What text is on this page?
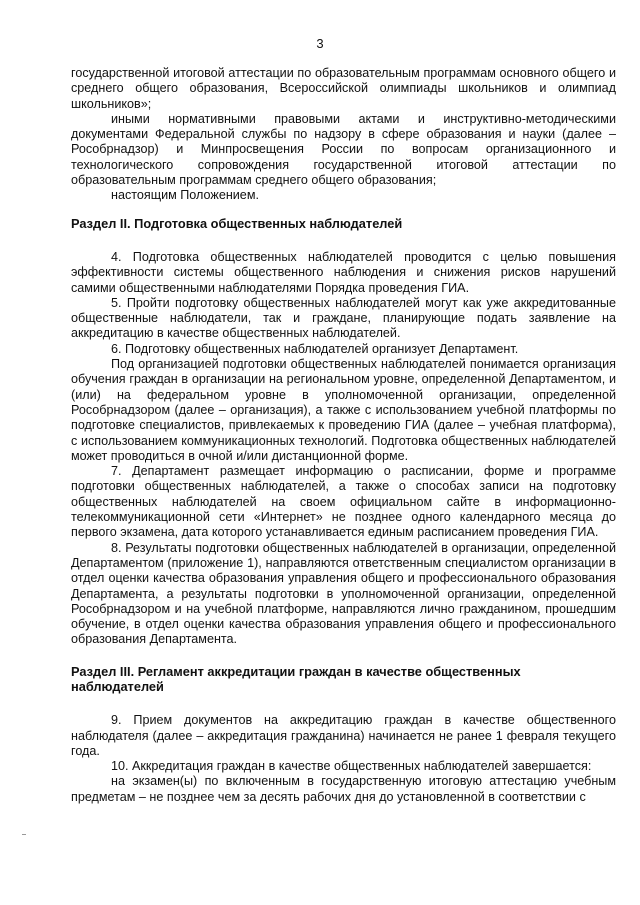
3

государственной итоговой аттестации по образовательным программам основного общего и среднего общего образования, Всероссийской олимпиады школьников и олимпиад школьников»;

иными нормативными правовыми актами и инструктивно-методическими документами Федеральной службы по надзору в сфере образования и науки (далее – Рособрнадзор) и Минпросвещения России по вопросам организационного и технологического сопровождения государственной итоговой аттестации по образовательным программам среднего общего образования;

настоящим Положением.

Раздел II. Подготовка общественных наблюдателей

4. Подготовка общественных наблюдателей проводится с целью повышения эффективности системы общественного наблюдения и снижения рисков нарушений самими общественными наблюдателями Порядка проведения ГИА.

5. Пройти подготовку общественных наблюдателей могут как уже аккредитованные общественные наблюдатели, так и граждане, планирующие подать заявление на аккредитацию в качестве общественных наблюдателей.

6. Подготовку общественных наблюдателей организует Департамент.

Под организацией подготовки общественных наблюдателей понимается организация обучения граждан в организации на региональном уровне, определенной Департаментом, и (или) на федеральном уровне в уполномоченной организации, определенной Рособрнадзором (далее – организация), а также с использованием учебной платформы по подготовке специалистов, привлекаемых к проведению ГИА (далее – учебная платформа), с использованием коммуникационных технологий. Подготовка общественных наблюдателей может проводиться в очной и/или дистанционной форме.

7. Департамент размещает информацию о расписании, форме и программе подготовки общественных наблюдателей, а также о способах записи на подготовку общественных наблюдателей на своем официальном сайте в информационно-телекоммуникационной сети «Интернет» не позднее одного календарного месяца до первого экзамена, дата которого устанавливается единым расписанием проведения ГИА.

8. Результаты подготовки общественных наблюдателей в организации, определенной Департаментом (приложение 1), направляются ответственным специалистом организации в отдел оценки качества образования управления общего и профессионального образования Департамента, а результаты подготовки в уполномоченной организации, определенной Рособрнадзором и на учебной платформе, направляются лично гражданином, прошедшим обучение, в отдел оценки качества образования управления общего и профессионального образования Департамента.

Раздел III. Регламент аккредитации граждан в качестве общественных

наблюдателей

9. Прием документов на аккредитацию граждан в качестве общественного наблюдателя (далее – аккредитация гражданина) начинается не ранее 1 февраля текущего года.

10. Аккредитация граждан в качестве общественных наблюдателей завершается:

на экзамен(ы) по включенным в государственную итоговую аттестацию учебным предметам – не позднее чем за десять рабочих дня до установленной в соответствии с
